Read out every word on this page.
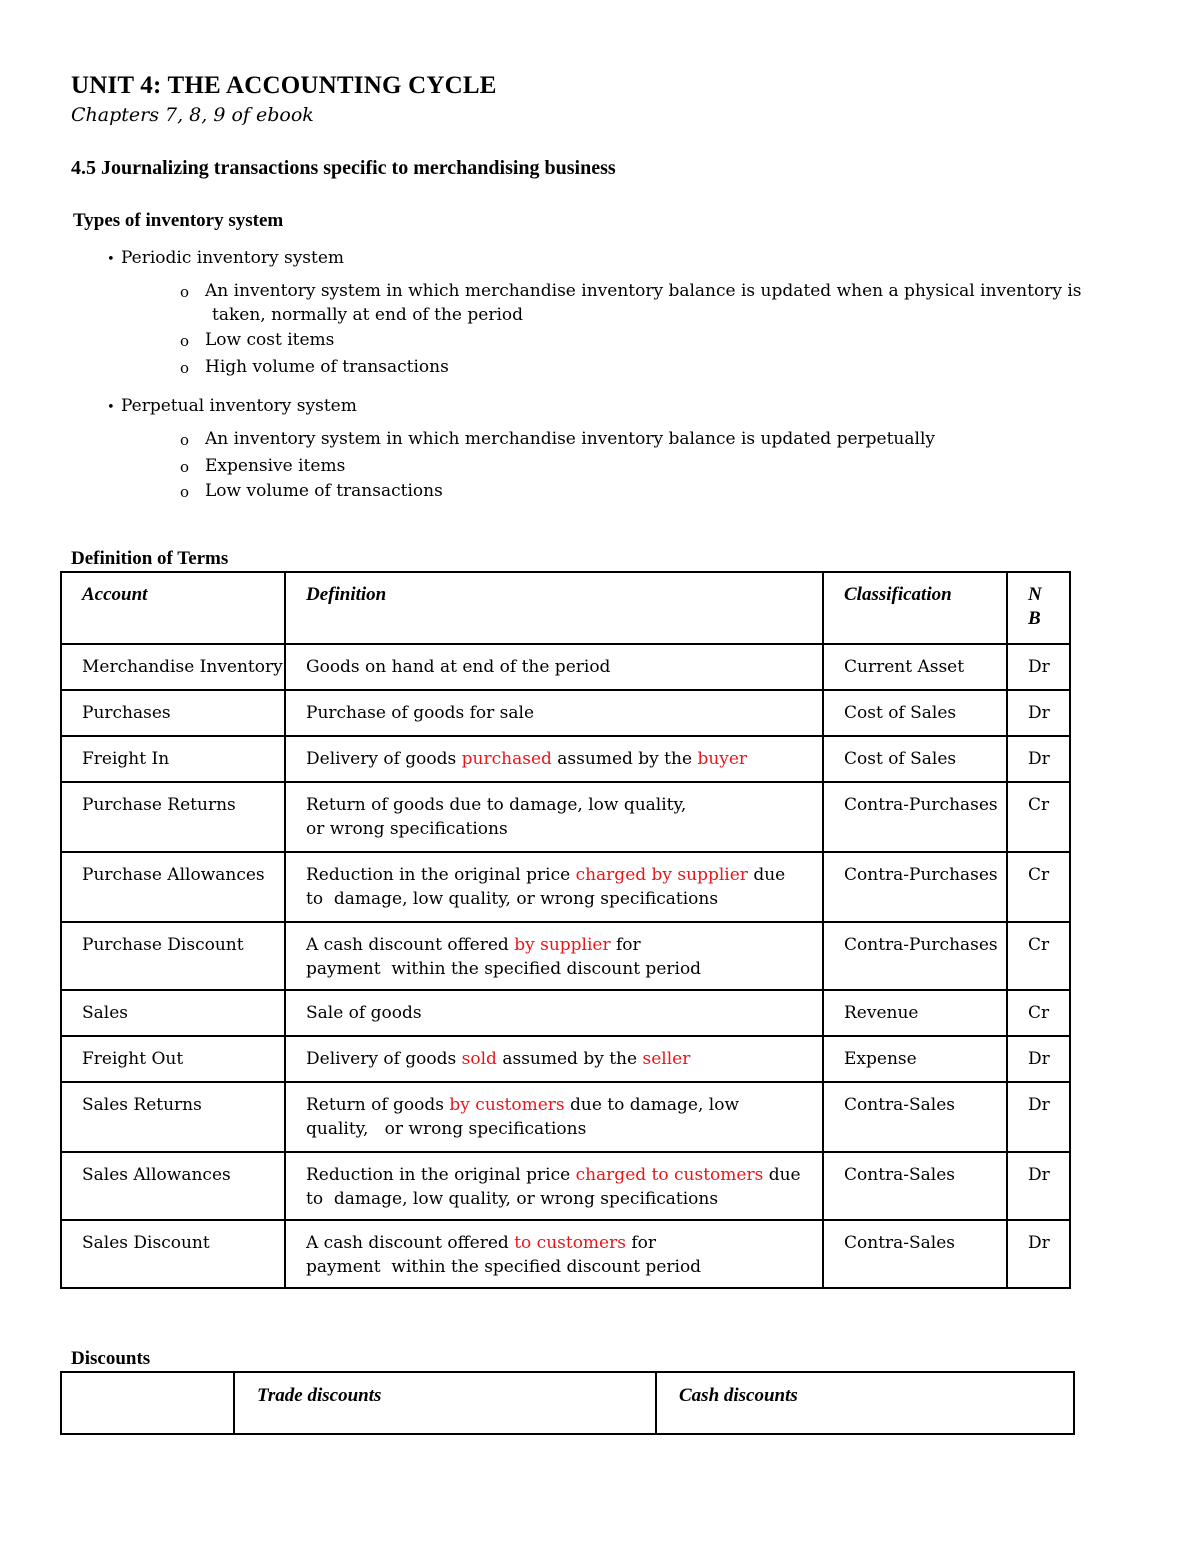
UNIT 4: THE ACCOUNTING CYCLE
Chapters 7, 8, 9 of ebook
4.5 Journalizing transactions specific to merchandising business
Types of inventory system
• Periodic inventory system
o An inventory system in which merchandise inventory balance is updated when a physical inventory is
taken, normally at end of the period
o Low cost items
o High volume of transactions
• Perpetual inventory system
o An inventory system in which merchandise inventory balance is updated perpetually
o Expensive items
o Low volume of transactions
Definition of Terms
Account	Definition	Classification	N
B
Merchandise Inventory	Goods on hand at end of the period	Current Asset	Dr
Purchases	Purchase of goods for sale	Cost of Sales	Dr
Freight In	Delivery of goods purchased assumed by the buyer	Cost of Sales	Dr
Purchase Returns	Return of goods due to damage, low quality,
or wrong specifications	Contra-Purchases	Cr
Purchase Allowances	Reduction in the original price charged by supplier due
to  damage, low quality, or wrong specifications	Contra-Purchases	Cr
Purchase Discount	A cash discount offered by supplier for
payment  within the specified discount period	Contra-Purchases	Cr
Sales	Sale of goods	Revenue	Cr
Freight Out	Delivery of goods sold assumed by the seller	Expense	Dr
Sales Returns	Return of goods by customers due to damage, low
quality,   or wrong specifications	Contra-Sales	Dr
Sales Allowances	Reduction in the original price charged to customers due
to  damage, low quality, or wrong specifications	Contra-Sales	Dr
Sales Discount	A cash discount offered to customers for
payment  within the specified discount period	Contra-Sales	Dr
Discounts
	Trade discounts	Cash discounts
